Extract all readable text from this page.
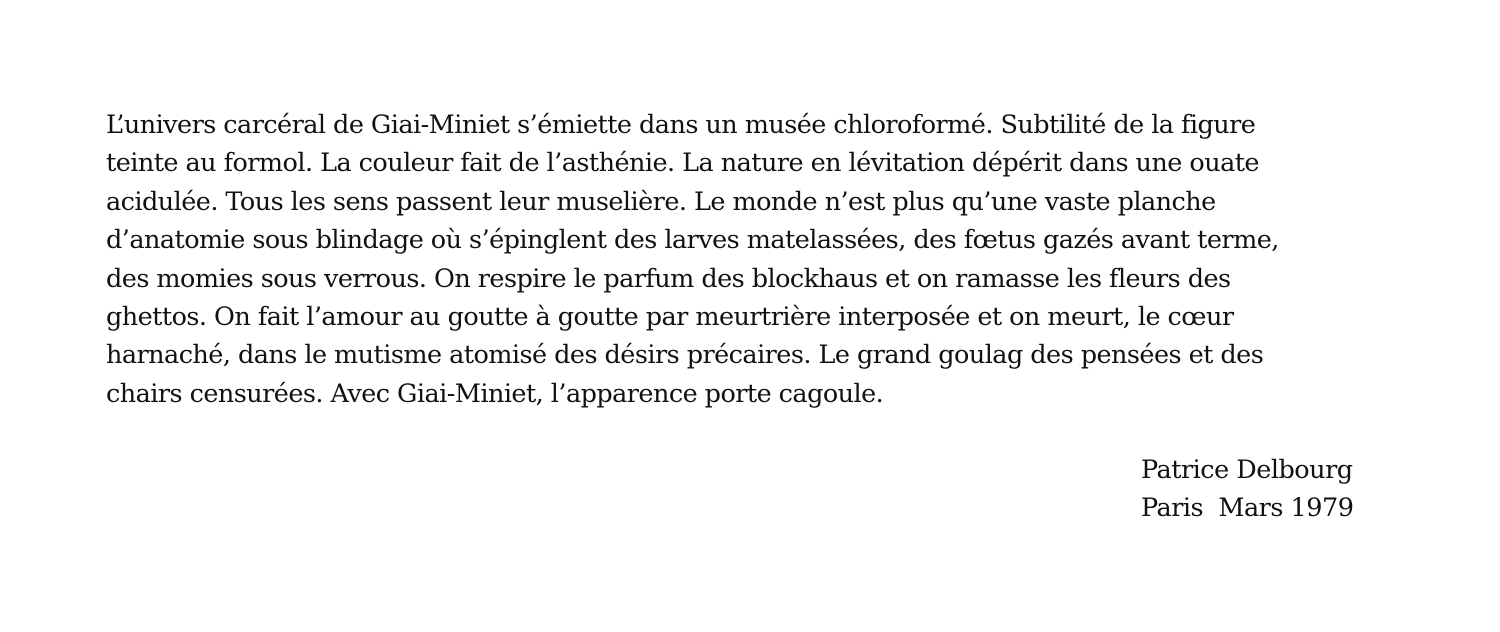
L’univers carcéral de Giai-Miniet s’émiette dans un musée chloroformé. Subtilité de la figure
teinte au formol. La couleur fait de l’asthénie. La nature en lévitation dépérit dans une ouate
acidulée. Tous les sens passent leur muselière. Le monde n’est plus qu’une vaste planche
d’anatomie sous blindage où s’épinglent des larves matelassées, des fœtus gazés avant terme,
des momies sous verrous. On respire le parfum des blockhaus et on ramasse les fleurs des
ghettos. On fait l’amour au goutte à goutte par meurtrière interposée et on meurt, le cœur
harnaché, dans le mutisme atomisé des désirs précaires. Le grand goulag des pensées et des
chairs censurées. Avec Giai-Miniet, l’apparence porte cagoule.

Patrice Delbourg
Paris  Mars 1979
